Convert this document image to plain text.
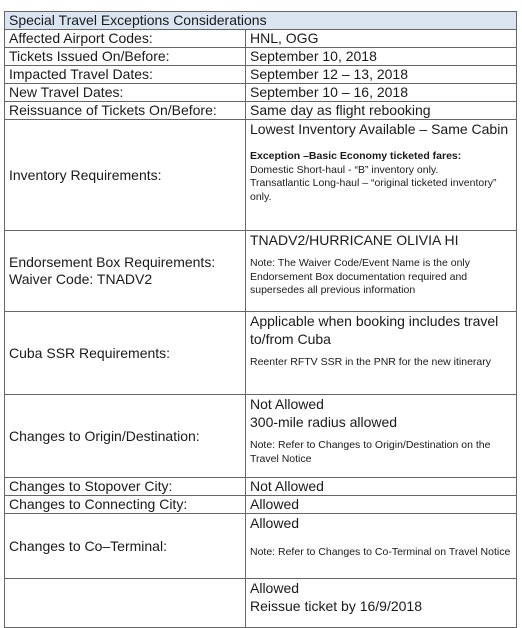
Special Travel Exceptions Considerations	
Affected Airport Codes:	HNL, OGG
Tickets Issued On/Before:	September 10, 2018
Impacted Travel Dates:	September 12 – 13, 2018
New Travel Dates:	September 10 – 16, 2018
Reissuance of Tickets On/Before:	Same day as flight rebooking
Inventory Requirements:	Lowest Inventory Available – Same Cabin
Exception –Basic Economy ticketed fares:
Domestic Short-haul - “B” inventory only.
Transatlantic Long-haul – “original ticketed inventory” only.

Endorsement Box Requirements:
Waiver Code: TNADV2	TNADV2/HURRICANE OLIVIA HI
Note: The Waiver Code/Event Name is the only Endorsement Box documentation required and supersedes all previous information

Cuba SSR Requirements:	Applicable when booking includes travel to/from Cuba
Reenter RFTV SSR in the PNR for the new itinerary

Changes to Origin/Destination:	Not Allowed
300-mile radius allowed
Note: Refer to Changes to Origin/Destination on the Travel Notice

Changes to Stopover City:	Not Allowed
Changes to Connecting City:	Allowed
Changes to Co–Terminal:	Allowed
Note: Refer to Changes to Co-Terminal on Travel Notice

	Allowed
Reissue ticket by 16/9/2018
